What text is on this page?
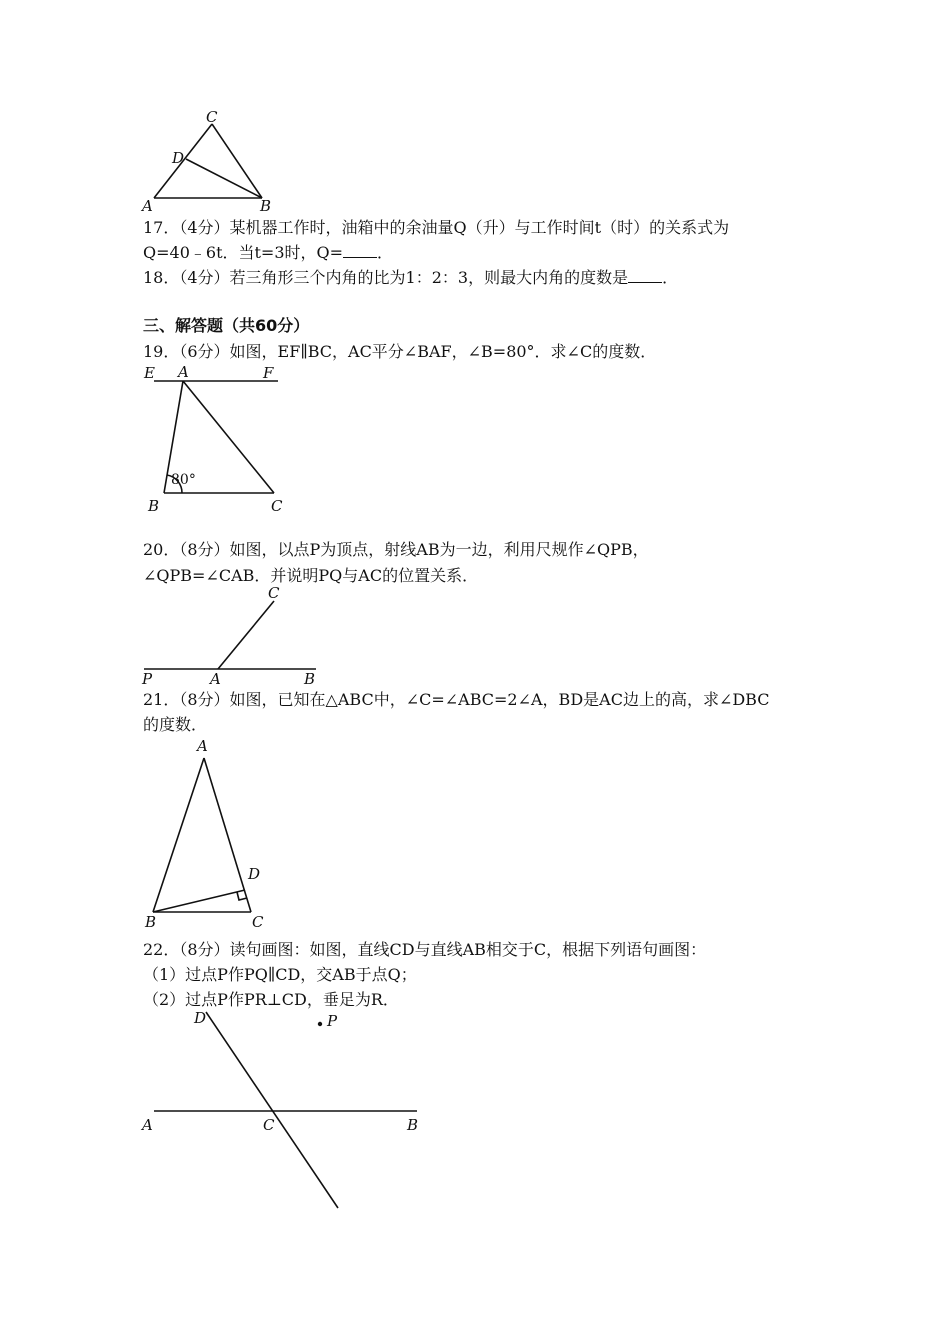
C
D
A	B
17．（4分）某机器工作时，油箱中的余油量Q（升）与工作时间t（时）的关系式为
Q=40﹣6t．当t=3时，Q= ．
18．（4分）若三角形三个内角的比为1：2：3，则最大内角的度数是 ．
三、解答题（共60分）
19．（6分）如图，EF∥BC，AC平分∠BAF，∠B=80°．求∠C的度数．
E A	F
80°
B	C
20．（8分）如图，以点P为顶点，射线AB为一边，利用尺规作∠QPB，
∠QPB=∠CAB．并说明PQ与AC的位置关系．
C
P	A	B
21．（8分）如图，已知在△ABC中，∠C=∠ABC=2∠A，BD是AC边上的高，求∠DBC
的度数．
A
D
B	C
22．（8分）读句画图：如图，直线CD与直线AB相交于C，根据下列语句画图：
（1）过点P作PQ∥CD，交AB于点Q；
（2）过点P作PR⊥CD，垂足为R．
D	P
A	C	B
